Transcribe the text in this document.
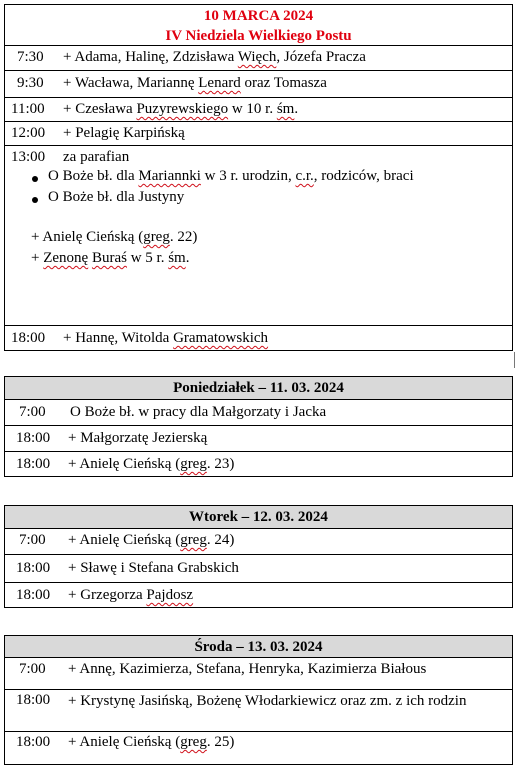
10 MARCA 2024
IV Niedziela Wielkiego Postu
7:30 + Adama, Halinę, Zdzisława Więch, Józefa Pracza
9:30 + Wacława, Mariannę Lenard oraz Tomasza
11:00 + Czesława Puzyrewskiego w 10 r. śm.
12:00 + Pelagię Karpińską
13:00 za parafian
O Boże bł. dla Mariannki w 3 r. urodzin, c.r., rodziców, braci
O Boże bł. dla Justyny
+ Anielę Cieńską (greg. 22)
+ Zenonę Buraś w 5 r. śm.
18:00 + Hannę, Witolda Gramatowskich
Poniedziałek – 11. 03. 2024
7:00 O Boże bł. w pracy dla Małgorzaty i Jacka
18:00 + Małgorzatę Jezierską
18:00 + Anielę Cieńską (greg. 23)
Wtorek – 12. 03. 2024
7:00 + Anielę Cieńską (greg. 24)
18:00 + Sławę i Stefana Grabskich
18:00 + Grzegorza Pajdosz
Środa – 13. 03. 2024
7:00 + Annę, Kazimierza, Stefana, Henryka, Kazimierza Białous
18:00 + Krystynę Jasińską, Bożenę Włodarkiewicz oraz zm. z ich rodzin
18:00 + Anielę Cieńską (greg. 25)
